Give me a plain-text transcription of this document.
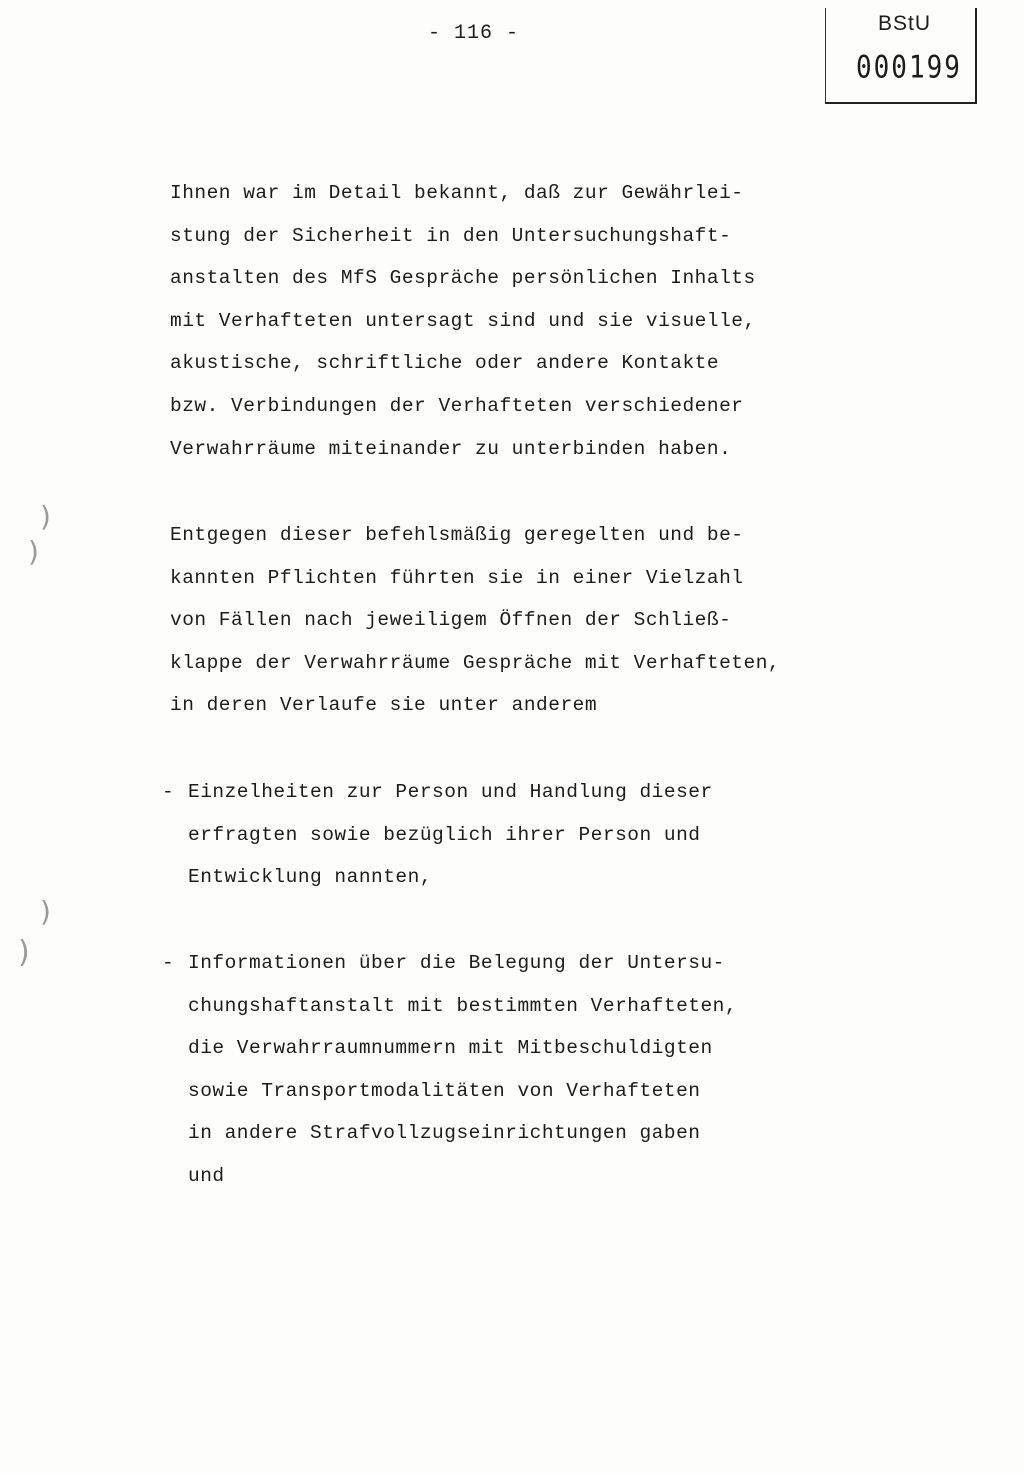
- 116 -	BStU
000199
Ihnen war im Detail bekannt, daß zur Gewährlei-
stung der Sicherheit in den Untersuchungshaft-
anstalten des MfS Gespräche persönlichen Inhalts
mit Verhafteten untersagt sind und sie visuelle,
akustische, schriftliche oder andere Kontakte
bzw. Verbindungen der Verhafteten verschiedener
Verwahrräume miteinander zu unterbinden haben.
Entgegen dieser befehlsmäßig geregelten und be-
kannten Pflichten führten sie in einer Vielzahl
von Fällen nach jeweiligem Öffnen der Schließ-
klappe der Verwahrräume Gespräche mit Verhafteten,
in deren Verlaufe sie unter anderem
- Einzelheiten zur Person und Handlung dieser
erfragten sowie bezüglich ihrer Person und
Entwicklung nannten,
- Informationen über die Belegung der Untersu-
chungshaftanstalt mit bestimmten Verhafteten,
die Verwahrraumnummern mit Mitbeschuldigten
sowie Transportmodalitäten von Verhafteten
in andere Strafvollzugseinrichtungen gaben
und
)
)
)
)
